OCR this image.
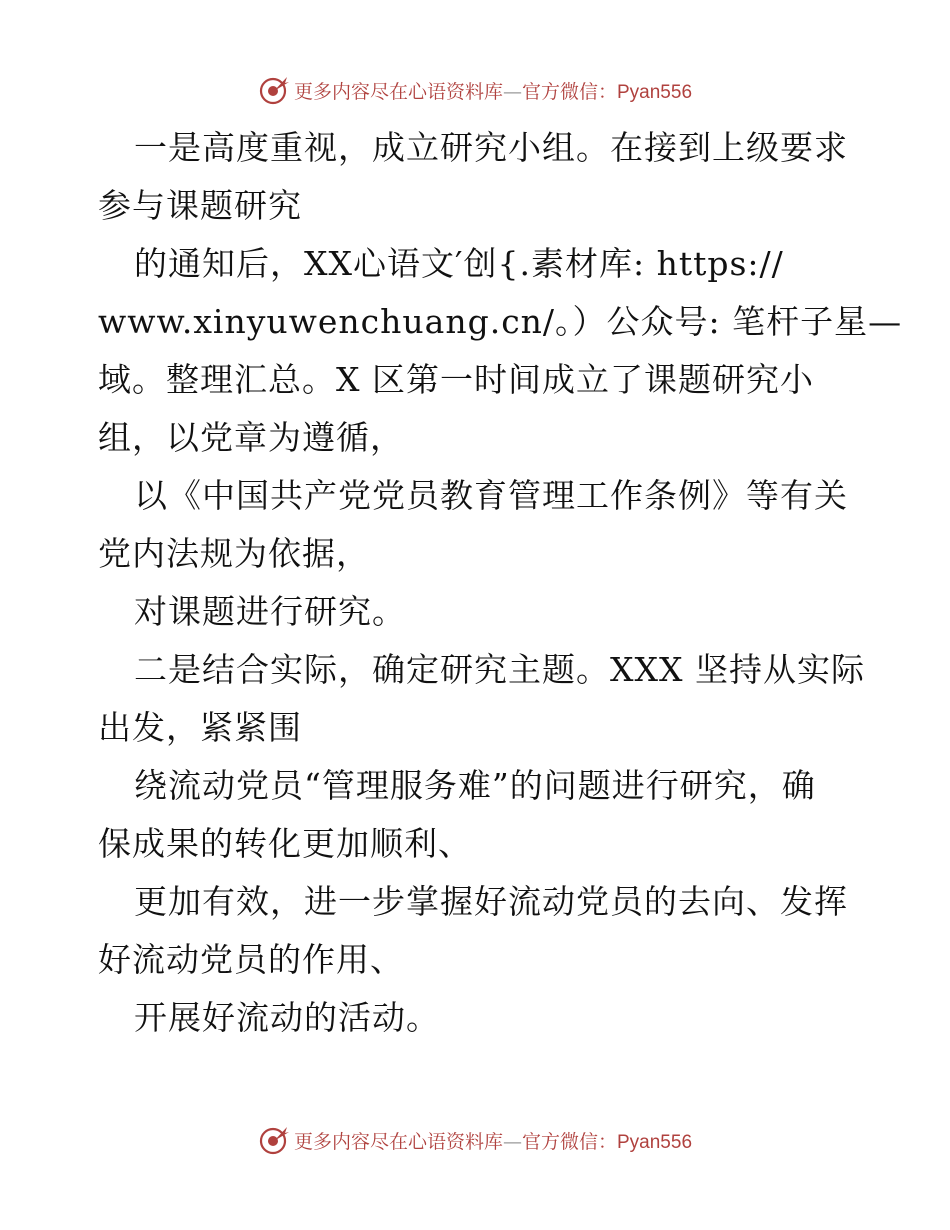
更多内容尽在心语资料库—官方微信：Pyan556
一是高度重视，成立研究小组。在接到上级要求
参与课题研究
的通知后，XX心语文′创{.素材库: https://
www.xinyuwenchuang.cn/。）公众号: 笔杆子星—
域。整理汇总。X 区第一时间成立了课题研究小
组，以党章为遵循，
以《中国共产党党员教育管理工作条例》等有关
党内法规为依据，
对课题进行研究。
二是结合实际，确定研究主题。XXX 坚持从实际
出发，紧紧围
绕流动党员“管理服务难”的问题进行研究，确
保成果的转化更加顺利、
更加有效，进一步掌握好流动党员的去向、发挥
好流动党员的作用、
开展好流动的活动。
更多内容尽在心语资料库—官方微信：Pyan556
